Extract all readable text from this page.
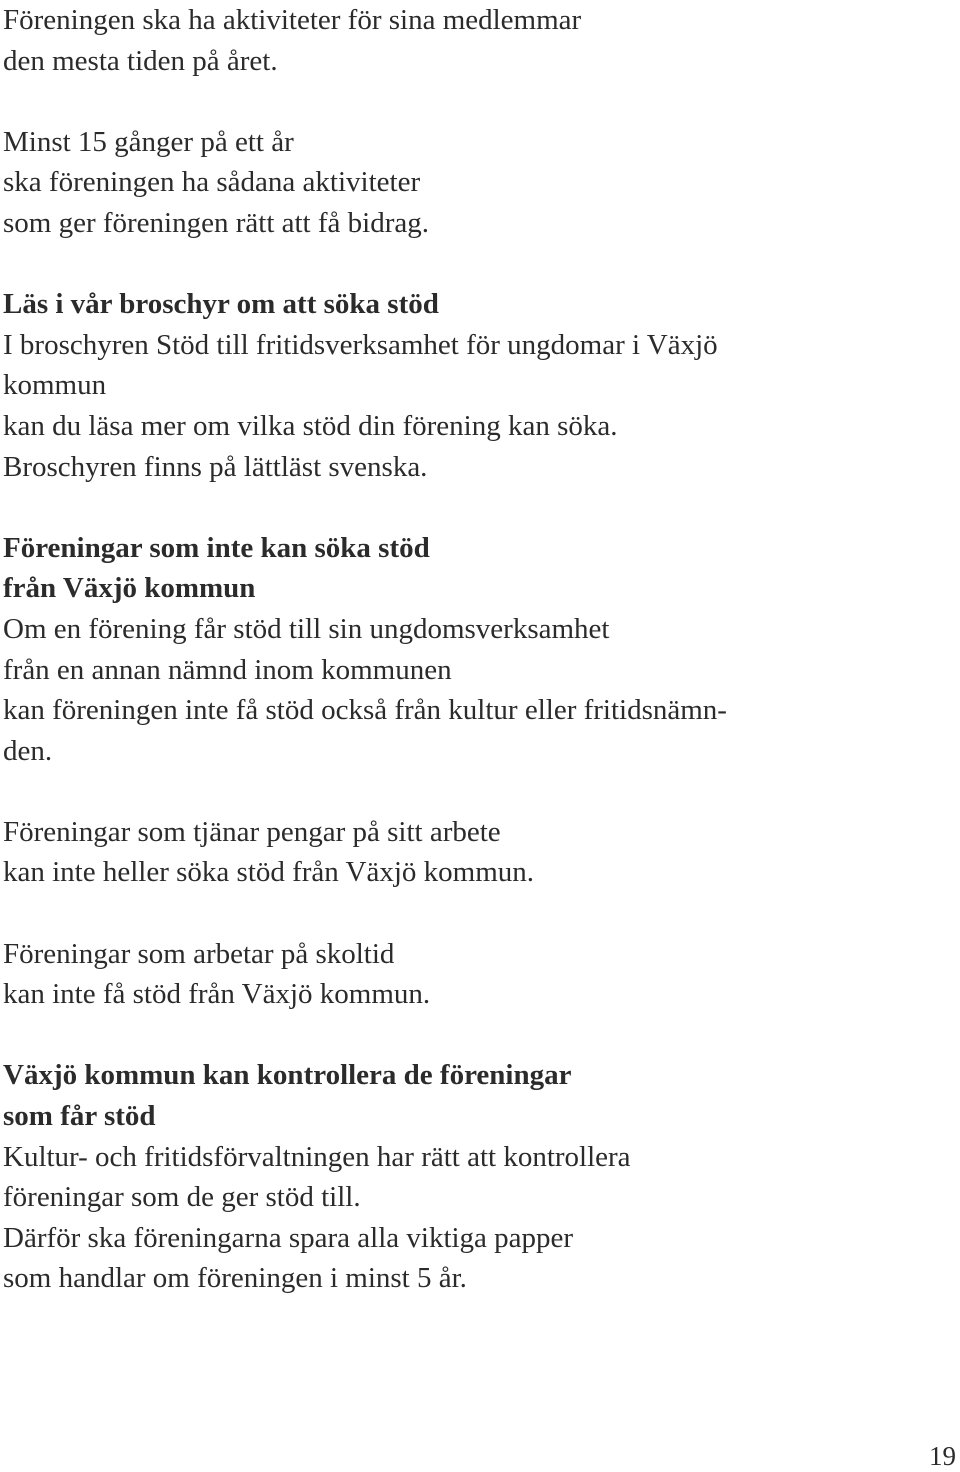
Föreningen ska ha aktiviteter för sina medlemmar
den mesta tiden på året.
Minst 15 gånger på ett år
ska föreningen ha sådana aktiviteter
som ger föreningen rätt att få bidrag.
Läs i vår broschyr om att söka stöd
I broschyren Stöd till fritidsverksamhet för ungdomar i Växjö
kommun
kan du läsa mer om vilka stöd din förening kan söka.
Broschyren finns på lättläst svenska.
Föreningar som inte kan söka stöd
från Växjö kommun
Om en förening får stöd till sin ungdomsverksamhet
från en annan nämnd inom kommunen
kan föreningen inte få stöd också från kultur eller fritidsnämn-
den.
Föreningar som tjänar pengar på sitt arbete
kan inte heller söka stöd från Växjö kommun.
Föreningar som arbetar på skoltid
kan inte få stöd från Växjö kommun.
Växjö kommun kan kontrollera de föreningar
som får stöd
Kultur- och fritidsförvaltningen har rätt att kontrollera
föreningar som de ger stöd till.
Därför ska föreningarna spara alla viktiga papper
som handlar om föreningen i minst 5 år.
19
